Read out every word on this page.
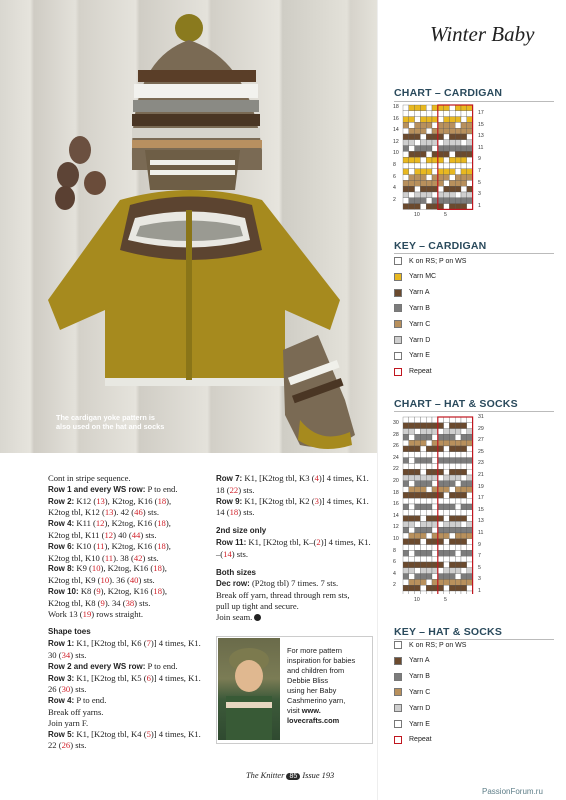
The cardigan yoke pattern is also used on the hat and socks
Winter Baby
CHART – CARDIGAN
18
16
14
12
10
8
6
4
2
17
15
13
11
9
7
5
3
1
10	5
KEY – CARDIGAN
K on RS; P on WS
Yarn MC
Yarn A
Yarn B
Yarn C
Yarn D
Yarn E
Repeat
CHART – HAT & SOCKS
30
28
26
24
22
20
18
16
14
12
10
8
6
4
2
31
29
27
25
23
21
19
17
15
13
11
9
7
5
3
1
10	5
KEY – HAT & SOCKS
K on RS; P on WS
Yarn A
Yarn B
Yarn C
Yarn D
Yarn E
Repeat

Cont in stripe sequence.

Row 1 and every WS row: P to end.

Row 2: K12 (13), K2tog, K16 (18),

K2tog tbl, K12 (13). 42 (46) sts.

Row 4: K11 (12), K2tog, K16 (18),

K2tog tbl, K11 (12) 40 (44) sts.

Row 6: K10 (11), K2tog, K16 (18),

K2tog tbl, K10 (11). 38 (42) sts.

Row 8: K9 (10), K2tog, K16 (18),

K2tog tbl, K9 (10). 36 (40) sts.

Row 10: K8 (9), K2tog, K16 (18),

K2tog tbl, K8 (9). 34 (38) sts.

Work 13 (19) rows straight.

Shape toes

Row 1: K1, [K2tog tbl, K6 (7)] 4 times, K1.

30 (34) sts.

Row 2 and every WS row: P to end.

Row 3: K1, [K2tog tbl, K5 (6)] 4 times, K1.

26 (30) sts.

Row 4: P to end.

Break off yarns.

Join yarn F.

Row 5: K1, [K2tog tbl, K4 (5)] 4 times, K1.

22 (26) sts.

Row 7: K1, [K2tog tbl, K3 (4)] 4 times, K1.

18 (22) sts.

Row 9: K1, [K2tog tbl, K2 (3)] 4 times, K1.

14 (18) sts.

2nd size only

Row 11: K1, [K2tog tbl, K–(2)] 4 times, K1.

–(14) sts.

Both sizes

Dec row: (P2tog tbl) 7 times. 7 sts.

Break off yarn, thread through rem sts,

pull up tight and secure.

Join seam.

For more pattern
inspiration for babies
and children from
Debbie Bliss
using her Baby
Cashmerino yarn,
visit www.
lovecrafts.com
The Knitter 85 Issue 193
PassionForum.ru
